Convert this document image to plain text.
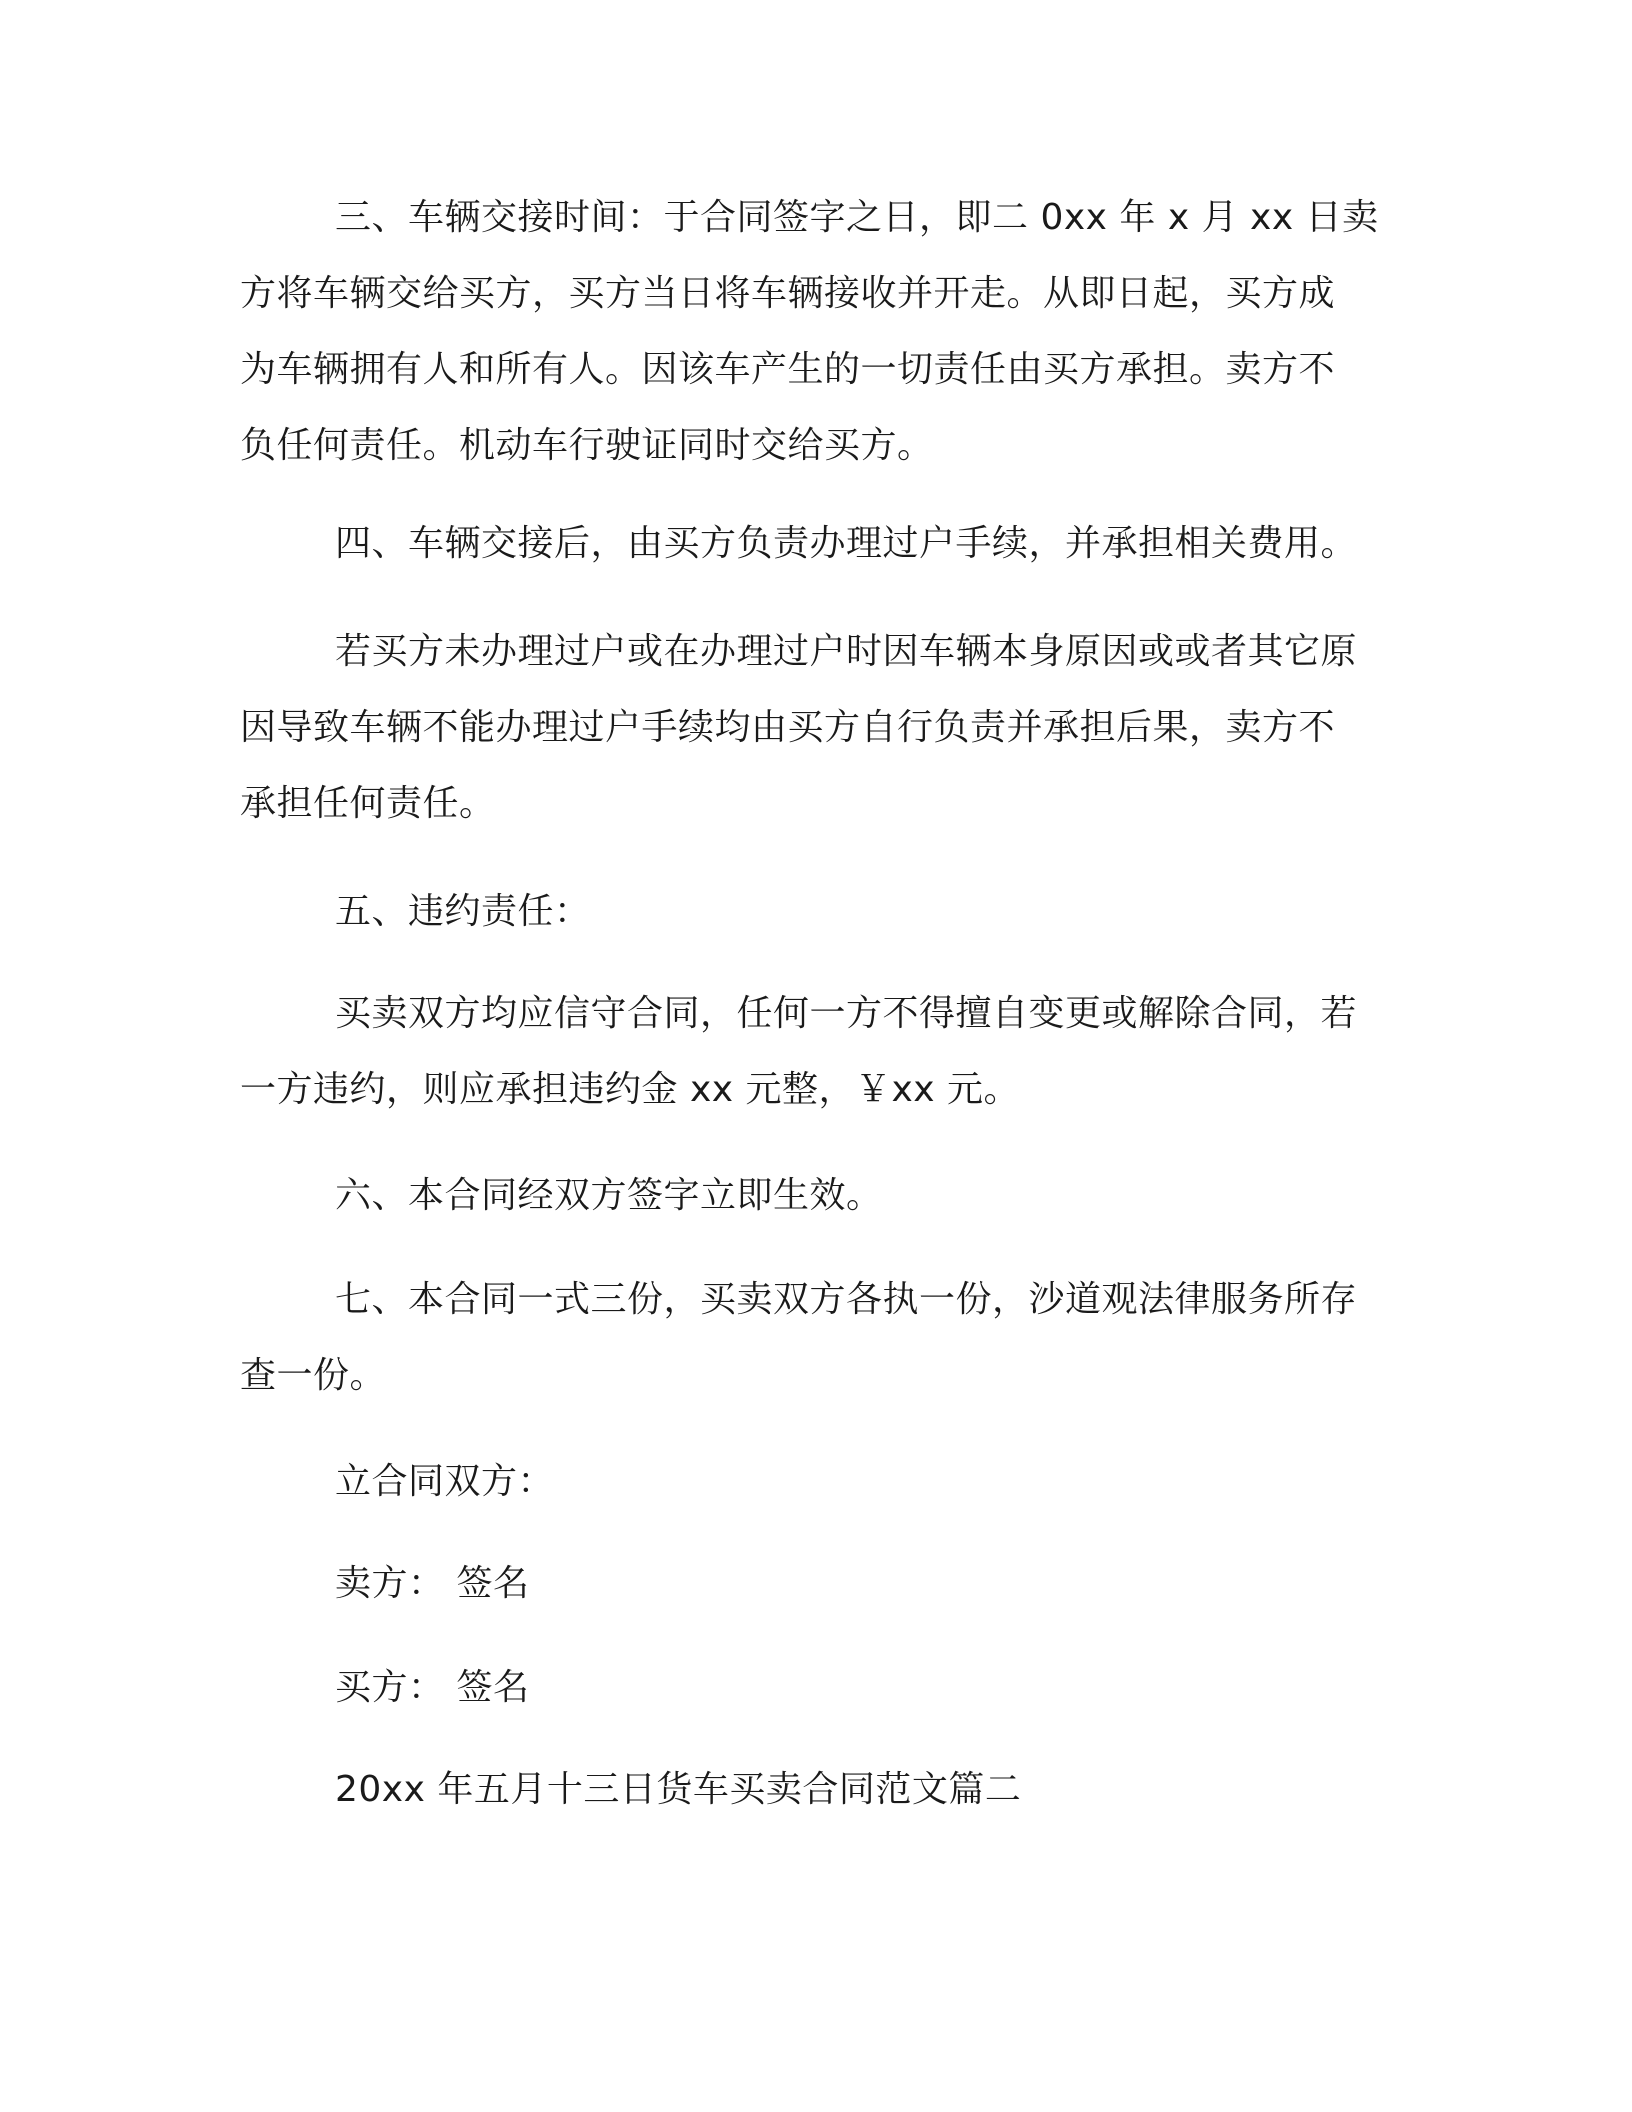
三、车辆交接时间：于合同签字之日，即二 0xx 年 x 月 xx 日卖
方将车辆交给买方，买方当日将车辆接收并开走。从即日起，买方成
为车辆拥有人和所有人。因该车产生的一切责任由买方承担。卖方不
负任何责任。机动车行驶证同时交给买方。
四、车辆交接后，由买方负责办理过户手续，并承担相关费用。
若买方未办理过户或在办理过户时因车辆本身原因或或者其它原
因导致车辆不能办理过户手续均由买方自行负责并承担后果，卖方不
承担任何责任。
五、违约责任：
买卖双方均应信守合同，任何一方不得擅自变更或解除合同，若
一方违约，则应承担违约金 xx 元整，￥xx 元。
六、本合同经双方签字立即生效。
七、本合同一式三份，买卖双方各执一份，沙道观法律服务所存
查一份。
立合同双方：
卖方： 签名
买方： 签名
20xx 年五月十三日货车买卖合同范文篇二
